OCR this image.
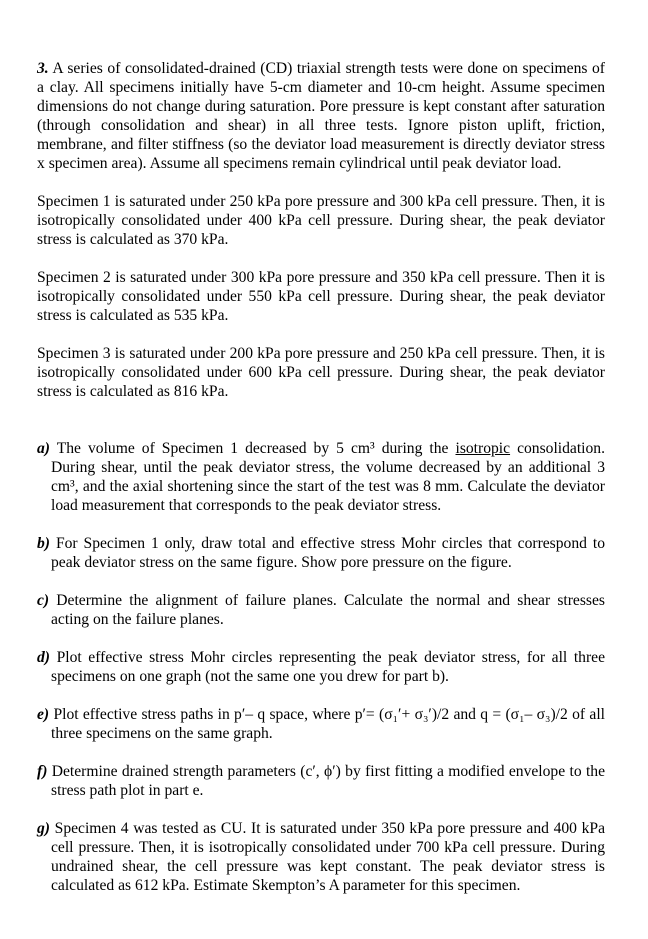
3. A series of consolidated-drained (CD) triaxial strength tests were done on specimens of a clay. All specimens initially have 5-cm diameter and 10-cm height. Assume specimen dimensions do not change during saturation. Pore pressure is kept constant after saturation (through consolidation and shear) in all three tests. Ignore piston uplift, friction, membrane, and filter stiffness (so the deviator load measurement is directly deviator stress x specimen area). Assume all specimens remain cylindrical until peak deviator load.

Specimen 1 is saturated under 250 kPa pore pressure and 300 kPa cell pressure. Then, it is isotropically consolidated under 400 kPa cell pressure. During shear, the peak deviator stress is calculated as 370 kPa.

Specimen 2 is saturated under 300 kPa pore pressure and 350 kPa cell pressure. Then it is isotropically consolidated under 550 kPa cell pressure. During shear, the peak deviator stress is calculated as 535 kPa.

Specimen 3 is saturated under 200 kPa pore pressure and 250 kPa cell pressure. Then, it is isotropically consolidated under 600 kPa cell pressure. During shear, the peak deviator stress is calculated as 816 kPa.

a) The volume of Specimen 1 decreased by 5 cm³ during the isotropic consolidation. During shear, until the peak deviator stress, the volume decreased by an additional 3 cm³, and the axial shortening since the start of the test was 8 mm. Calculate the deviator load measurement that corresponds to the peak deviator stress.

b) For Specimen 1 only, draw total and effective stress Mohr circles that correspond to peak deviator stress on the same figure. Show pore pressure on the figure.

c) Determine the alignment of failure planes. Calculate the normal and shear stresses acting on the failure planes.

d) Plot effective stress Mohr circles representing the peak deviator stress, for all three specimens on one graph (not the same one you drew for part b).

e) Plot effective stress paths in p′– q space, where p′= (σ₁′+ σ₃′)/2 and q = (σ₁– σ₃)/2 of all three specimens on the same graph.

f) Determine drained strength parameters (c′, ϕ′) by first fitting a modified envelope to the stress path plot in part e.

g) Specimen 4 was tested as CU. It is saturated under 350 kPa pore pressure and 400 kPa cell pressure. Then, it is isotropically consolidated under 700 kPa cell pressure. During undrained shear, the cell pressure was kept constant. The peak deviator stress is calculated as 612 kPa. Estimate Skempton’s A parameter for this specimen.
